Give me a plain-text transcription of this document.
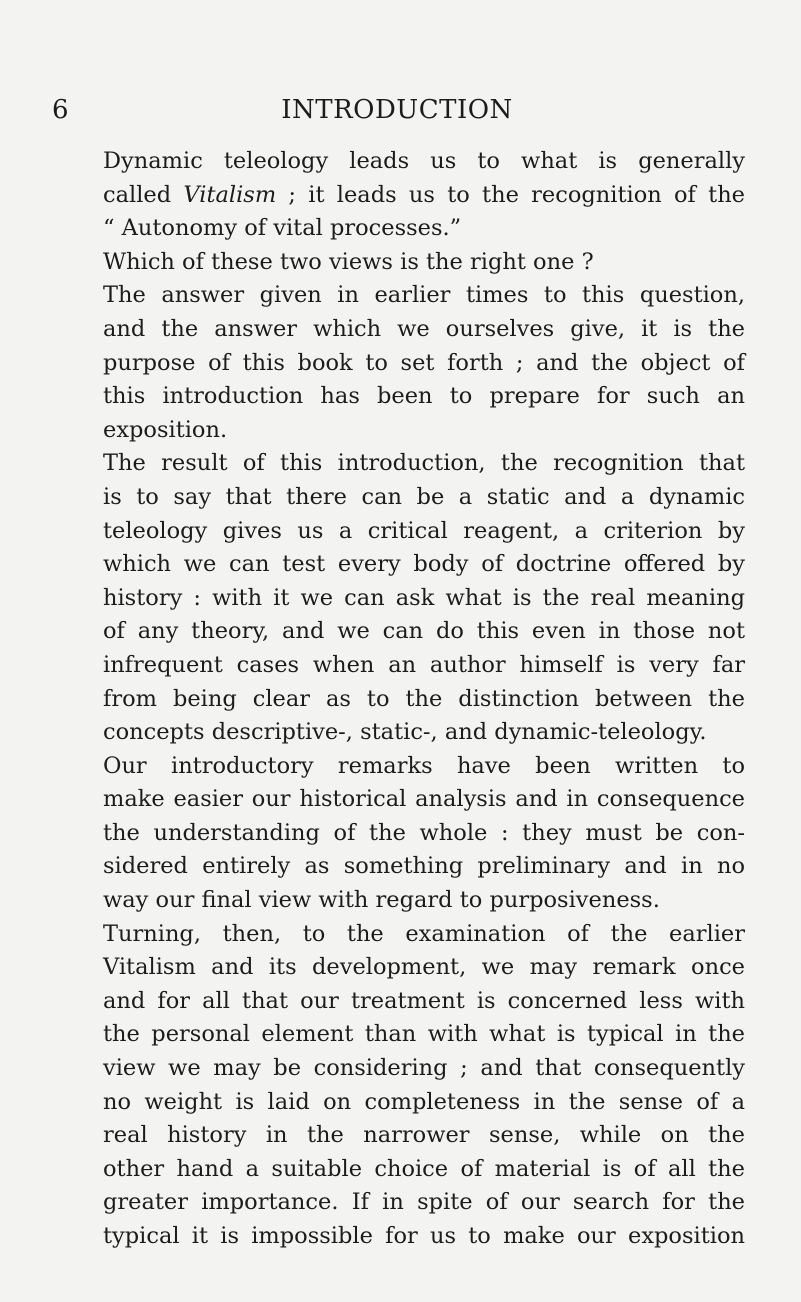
6	INTRODUCTION
Dynamic teleology leads us to what is generally
called Vitalism ; it leads us to the recognition of the
“ Autonomy of vital processes.”
Which of these two views is the right one ?
The answer given in earlier times to this question,
and the answer which we ourselves give, it is the
purpose of this book to set forth ; and the object of
this introduction has been to prepare for such an
exposition.
The result of this introduction, the recognition that
is to say that there can be a static and a dynamic
teleology gives us a critical reagent, a criterion by
which we can test every body of doctrine offered by
history : with it we can ask what is the real meaning
of any theory, and we can do this even in those not
infrequent cases when an author himself is very far
from being clear as to the distinction between the
concepts descriptive-, static-, and dynamic-teleology.
Our introductory remarks have been written to
make easier our historical analysis and in consequence
the understanding of the whole : they must be con-
sidered entirely as something preliminary and in no
way our final view with regard to purposiveness.
Turning, then, to the examination of the earlier
Vitalism and its development, we may remark once
and for all that our treatment is concerned less with
the personal element than with what is typical in the
view we may be considering ; and that consequently
no weight is laid on completeness in the sense of a
real history in the narrower sense, while on the
other hand a suitable choice of material is of all the
greater importance. If in spite of our search for the
typical it is impossible for us to make our exposition
